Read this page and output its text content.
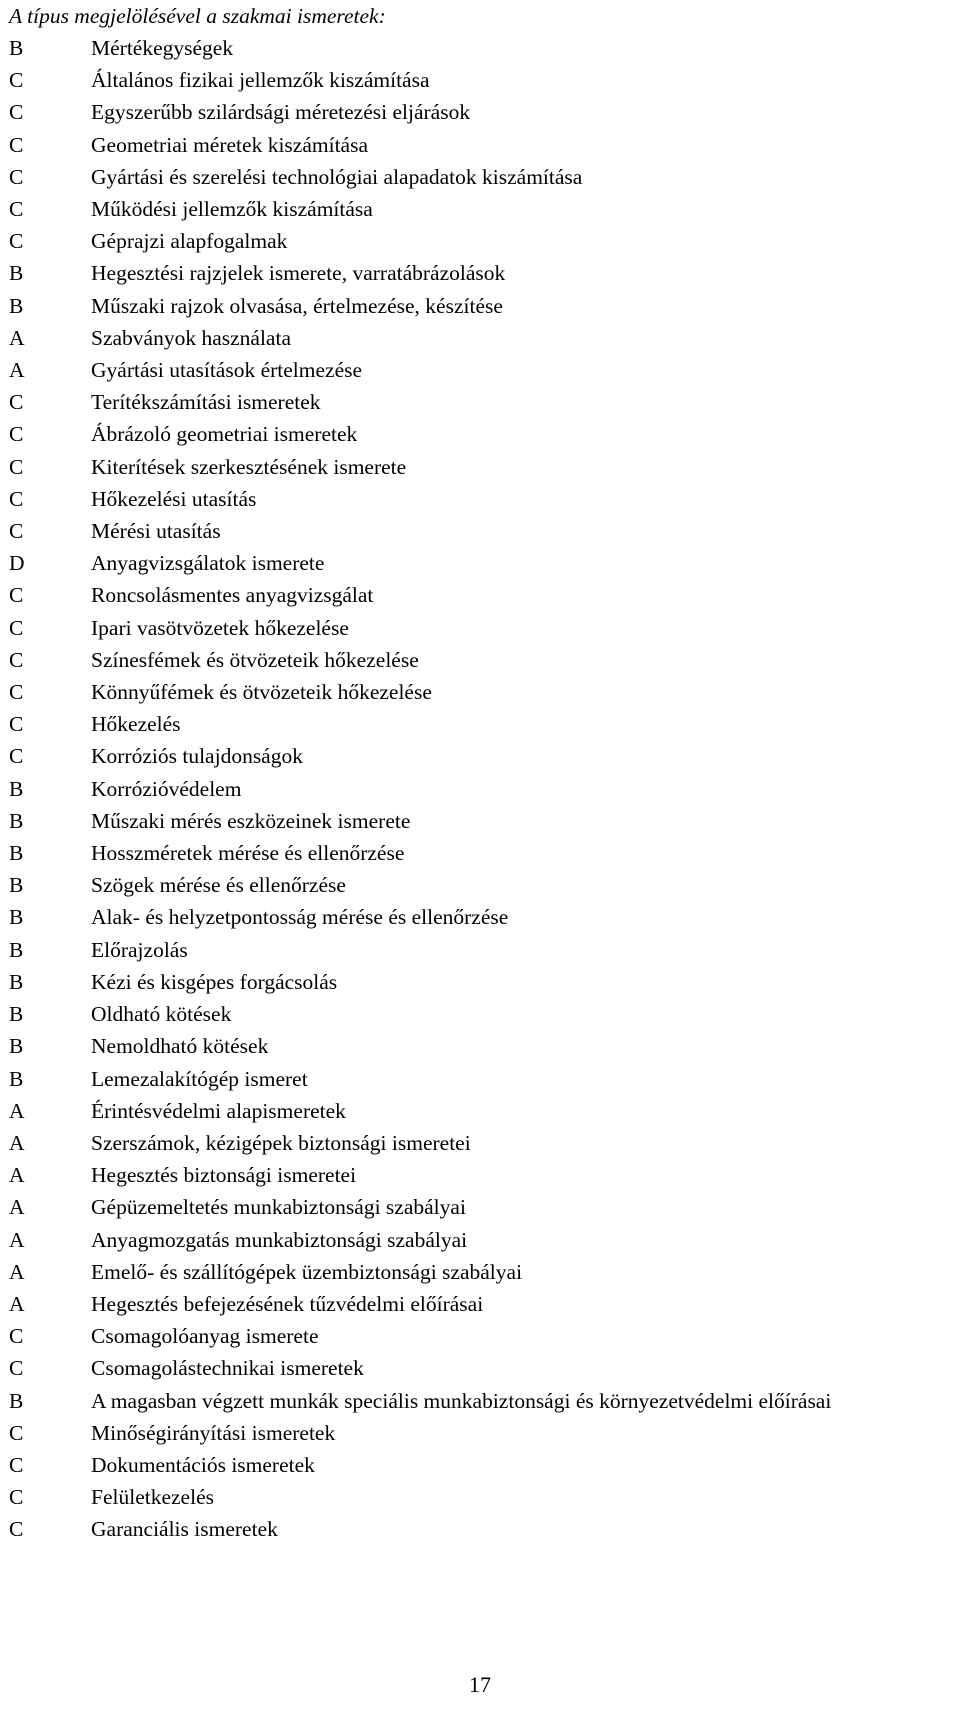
A típus megjelölésével a szakmai ismeretek:
B	Mértékegységek
C	Általános fizikai jellemzők kiszámítása
C	Egyszerűbb szilárdsági méretezési eljárások
C	Geometriai méretek kiszámítása
C	Gyártási és szerelési technológiai alapadatok kiszámítása
C	Működési jellemzők kiszámítása
C	Géprajzi alapfogalmak
B	Hegesztési rajzjelek ismerete, varratábrázolások
B	Műszaki rajzok olvasása, értelmezése, készítése
A	Szabványok használata
A	Gyártási utasítások értelmezése
C	Terítékszámítási ismeretek
C	Ábrázoló geometriai ismeretek
C	Kiterítések szerkesztésének ismerete
C	Hőkezelési utasítás
C	Mérési utasítás
D	Anyagvizsgálatok ismerete
C	Roncsolásmentes anyagvizsgálat
C	Ipari vasötvözetek hőkezelése
C	Színesfémek és ötvözeteik hőkezelése
C	Könnyűfémek és ötvözeteik hőkezelése
C	Hőkezelés
C	Korróziós tulajdonságok
B	Korrózióvédelem
B	Műszaki mérés eszközeinek ismerete
B	Hosszméretek mérése és ellenőrzése
B	Szögek mérése és ellenőrzése
B	Alak- és helyzetpontosság mérése és ellenőrzése
B	Előrajzolás
B	Kézi és kisgépes forgácsolás
B	Oldható kötések
B	Nemoldható kötések
B	Lemezalakítógép ismeret
A	Érintésvédelmi alapismeretek
A	Szerszámok, kézigépek biztonsági ismeretei
A	Hegesztés biztonsági ismeretei
A	Gépüzemeltetés munkabiztonsági szabályai
A	Anyagmozgatás munkabiztonsági szabályai
A	Emelő- és szállítógépek üzembiztonsági szabályai
A	Hegesztés befejezésének tűzvédelmi előírásai
C	Csomagolóanyag ismerete
C	Csomagolástechnikai ismeretek
B	A magasban végzett munkák speciális munkabiztonsági és környezetvédelmi előírásai
C	Minőségirányítási ismeretek
C	Dokumentációs ismeretek
C	Felületkezelés
C	Garanciális ismeretek
17
